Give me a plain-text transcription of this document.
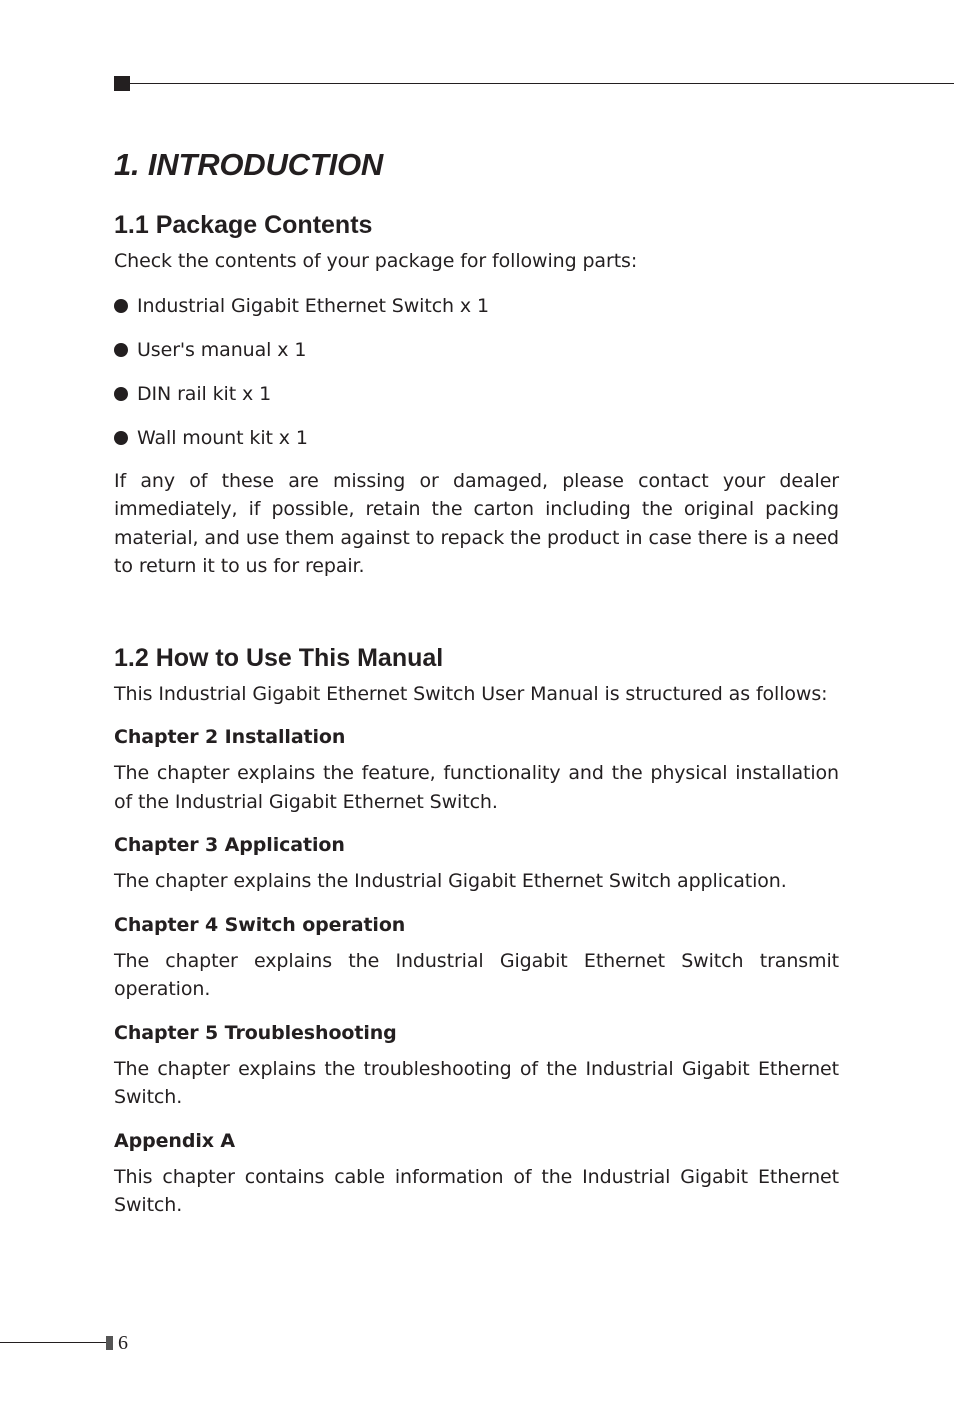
1. INTRODUCTION
1.1 Package Contents

Check the contents of your package for following parts:

Industrial Gigabit Ethernet Switch x 1
User's manual x 1
DIN rail kit x 1
Wall mount kit x 1

If any of these are missing or damaged, please contact your dealer immediately, if possible, retain the carton including the original packing material, and use them against to repack the product in case there is a need to return it to us for repair.

1.2 How to Use This Manual

This Industrial Gigabit Ethernet Switch User Manual is structured as follows:

Chapter 2 Installation

The chapter explains the feature, functionality and the physical installation of the Industrial Gigabit Ethernet Switch.

Chapter 3 Application

The chapter explains the Industrial Gigabit Ethernet Switch application.

Chapter 4 Switch operation

The chapter explains the Industrial Gigabit Ethernet Switch transmit operation.

Chapter 5 Troubleshooting

The chapter explains the troubleshooting of the Industrial Gigabit Ethernet Switch.

Appendix A

This chapter contains cable information of the Industrial Gigabit Ethernet Switch.

6
